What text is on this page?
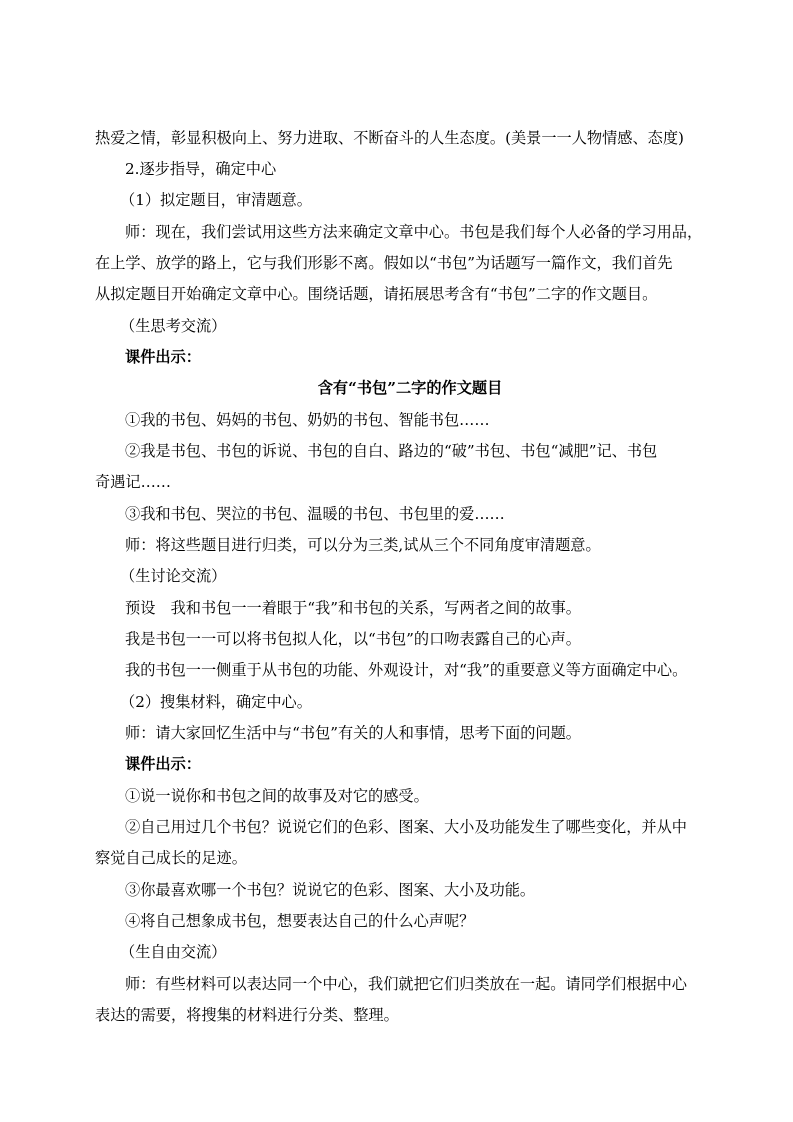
热爱之情，彰显积极向上、努力进取、不断奋斗的人生态度。(美景一一人物情感、态度)
2.逐步指导，确定中心
（1）拟定题目，审清题意。
师：现在，我们尝试用这些方法来确定文章中心。书包是我们每个人必备的学习用品，
在上学、放学的路上，它与我们形影不离。假如以“书包”为话题写一篇作文，我们首先
从拟定题目开始确定文章中心。围绕话题，请拓展思考含有“书包”二字的作文题目。
（生思考交流）
课件出示：
含有“书包”二字的作文题目
①我的书包、妈妈的书包、奶奶的书包、智能书包……
②我是书包、书包的诉说、书包的自白、路边的“破”书包、书包“减肥”记、书包
奇遇记……
③我和书包、哭泣的书包、温暖的书包、书包里的爱……
师：将这些题目进行归类，可以分为三类,试从三个不同角度审清题意。
（生讨论交流）
预设　我和书包一一着眼于“我”和书包的关系，写两者之间的故事。
我是书包一一可以将书包拟人化，以“书包”的口吻表露自己的心声。
我的书包一一侧重于从书包的功能、外观设计，对“我”的重要意义等方面确定中心。
（2）搜集材料，确定中心。
师：请大家回忆生活中与“书包”有关的人和事情，思考下面的问题。
课件出示：
①说一说你和书包之间的故事及对它的感受。
②自己用过几个书包？说说它们的色彩、图案、大小及功能发生了哪些变化，并从中
察觉自己成长的足迹。
③你最喜欢哪一个书包？说说它的色彩、图案、大小及功能。
④将自己想象成书包，想要表达自己的什么心声呢？
（生自由交流）
师：有些材料可以表达同一个中心，我们就把它们归类放在一起。请同学们根据中心
表达的需要，将搜集的材料进行分类、整理。
